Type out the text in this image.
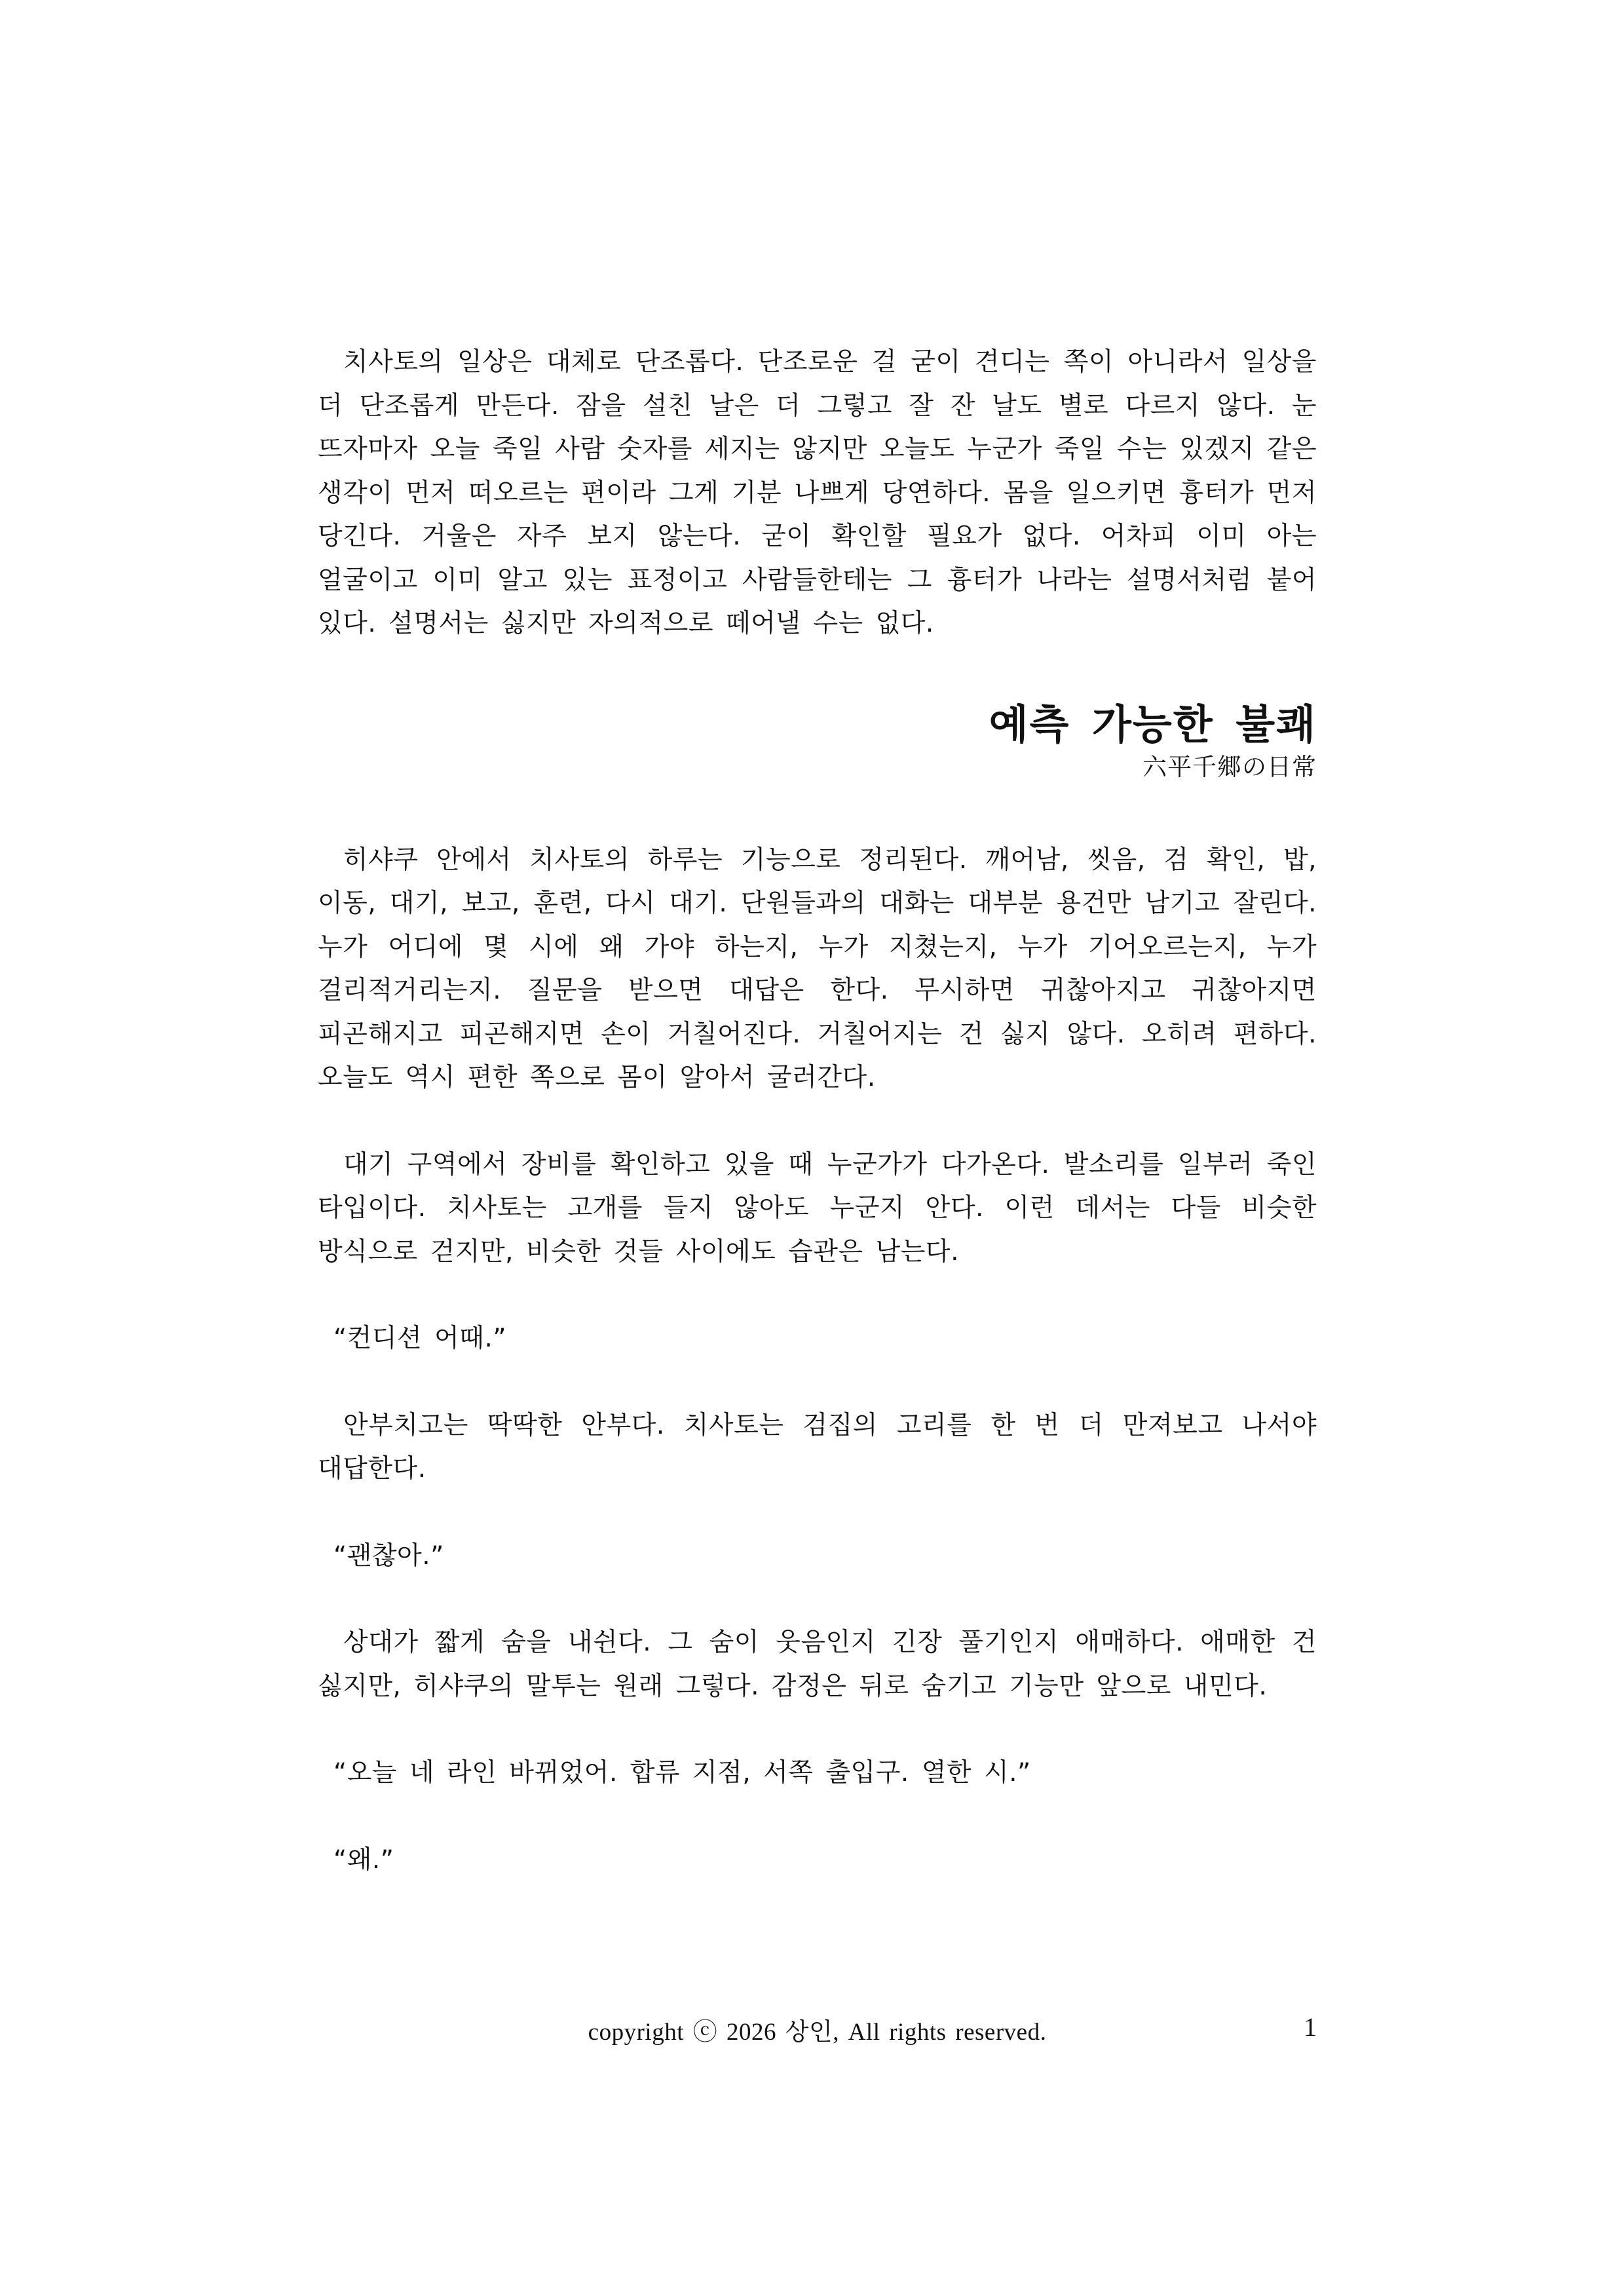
치사토의 일상은 대체로 단조롭다. 단조로운 걸 굳이 견디는 쪽이 아니라서 일상을 더 단조롭게 만든다. 잠을 설친 날은 더 그렇고 잘 잔 날도 별로 다르지 않다. 눈 뜨자마자 오늘 죽일 사람 숫자를 세지는 않지만 오늘도 누군가 죽일 수는 있겠지 같은 생각이 먼저 떠오르는 편이라 그게 기분 나쁘게 당연하다. 몸을 일으키면 흉터가 먼저 당긴다. 거울은 자주 보지 않는다. 굳이 확인할 필요가 없다. 어차피 이미 아는 얼굴이고 이미 알고 있는 표정이고 사람들한테는 그 흉터가 나라는 설명서처럼 붙어 있다. 설명서는 싫지만 자의적으로 떼어낼 수는 없다.

예측 가능한 불쾌
六平千郷の日常

히샤쿠 안에서 치사토의 하루는 기능으로 정리된다. 깨어남, 씻음, 검 확인, 밥, 이동, 대기, 보고, 훈련, 다시 대기. 단원들과의 대화는 대부분 용건만 남기고 잘린다. 누가 어디에 몇 시에 왜 가야 하는지, 누가 지쳤는지, 누가 기어오르는지, 누가 걸리적거리는지. 질문을 받으면 대답은 한다. 무시하면 귀찮아지고 귀찮아지면 피곤해지고 피곤해지면 손이 거칠어진다. 거칠어지는 건 싫지 않다. 오히려 편하다. 오늘도 역시 편한 쪽으로 몸이 알아서 굴러간다.

대기 구역에서 장비를 확인하고 있을 때 누군가가 다가온다. 발소리를 일부러 죽인 타입이다. 치사토는 고개를 들지 않아도 누군지 안다. 이런 데서는 다들 비슷한 방식으로 걷지만, 비슷한 것들 사이에도 습관은 남는다.

“컨디션 어때.”

안부치고는 딱딱한 안부다. 치사토는 검집의 고리를 한 번 더 만져보고 나서야 대답한다.

“괜찮아.”

상대가 짧게 숨을 내쉰다. 그 숨이 웃음인지 긴장 풀기인지 애매하다. 애매한 건 싫지만, 히샤쿠의 말투는 원래 그렇다. 감정은 뒤로 숨기고 기능만 앞으로 내민다.

“오늘 네 라인 바뀌었어. 합류 지점, 서쪽 출입구. 열한 시.”

“왜.”

copyright ⓒ 2026 상인, All rights reserved.	1
